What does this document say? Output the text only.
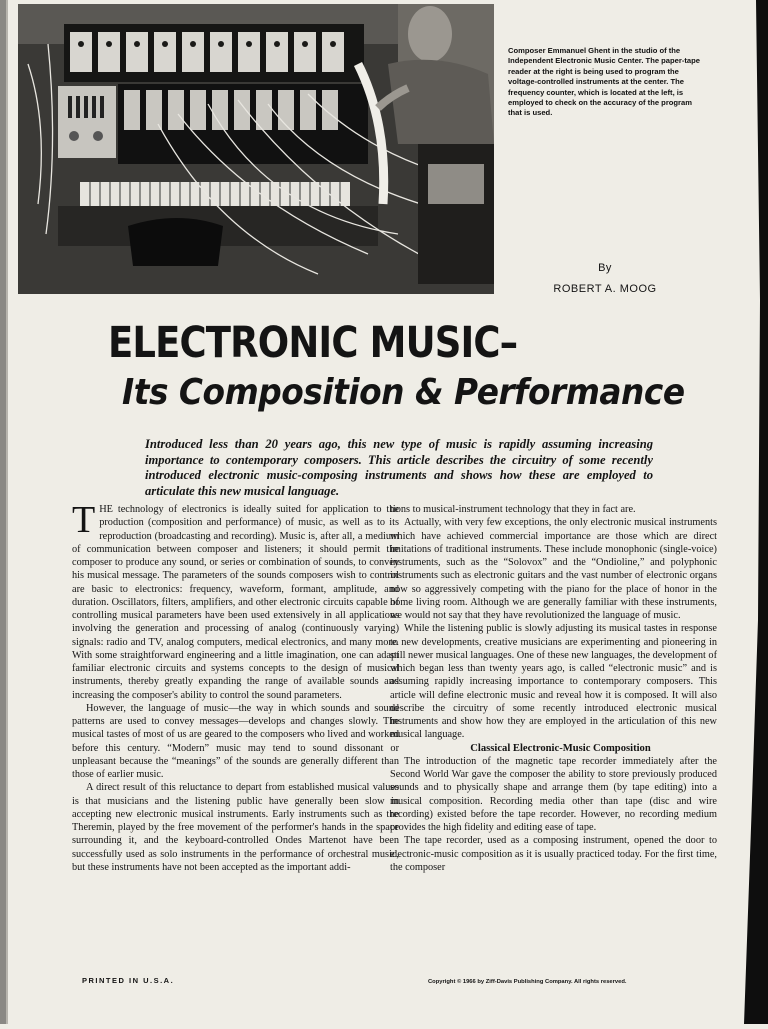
Composer Emmanuel Ghent in the studio of the Independent Electronic Music Center. The paper-tape reader at the right is being used to program the voltage-controlled instruments at the center. The frequency counter, which is located at the left, is employed to check on the accuracy of the program that is used.
By
ROBERT A. MOOG
ELECTRONIC MUSIC–
Its Composition & Performance
Introduced less than 20 years ago, this new type of music is rapidly assuming increasing importance to contemporary composers. This article describes the circuitry of some recently introduced electronic music-composing instruments and shows how these are employed to articulate this new musical language.

THE technology of electronics is ideally suited for application to the production (composition and performance) of music, as well as to its reproduction (broadcasting and recording). Music is, after all, a medium of communication between composer and listeners; it should permit the composer to produce any sound, or series or combination of sounds, to convey his musical message. The parameters of the sounds composers wish to control are basic to electronics: frequency, waveform, formant, amplitude, and duration. Oscillators, filters, amplifiers, and other electronic circuits capable of controlling musical parameters have been used extensively in all applications involving the generation and processing of analog (continuously varying) signals: radio and TV, analog computers, medical electronics, and many more. With some straightforward engineering and a little imagination, one can adapt familiar electronic circuits and systems concepts to the design of musical instruments, thereby greatly expanding the range of available sounds and increasing the composer's ability to control the sound parameters.

However, the language of music—the way in which sounds and sound patterns are used to convey messages—develops and changes slowly. The musical tastes of most of us are geared to the composers who lived and worked before this century. “Modern” music may tend to sound dissonant or unpleasant because the “meanings” of the sounds are generally different than those of earlier music.

A direct result of this reluctance to depart from established musical values is that musicians and the listening public have generally been slow in accepting new electronic musical instruments. Early instruments such as the Theremin, played by the free movement of the performer's hands in the space surrounding it, and the keyboard-controlled Ondes Martenot have been successfully used as solo instruments in the performance of orchestral music, but these instruments have not been accepted as the important addi-

tions to musical-instrument technology that they in fact are.

Actually, with very few exceptions, the only electronic musical instruments which have achieved commercial importance are those which are direct imitations of traditional instruments. These include monophonic (single-voice) instruments, such as the “Solovox” and the “Ondioline,” and polyphonic instruments such as electronic guitars and the vast number of electronic organs now so aggressively competing with the piano for the place of honor in the home living room. Although we are generally familiar with these instruments, we would not say that they have revolutionized the language of music.

While the listening public is slowly adjusting its musical tastes in response to new developments, creative musicians are experimenting and pioneering in still newer musical languages. One of these new languages, the development of which began less than twenty years ago, is called “electronic music” and is assuming rapidly increasing importance to contemporary composers. This article will define electronic music and reveal how it is composed. It will also describe the circuitry of some recently introduced electronic musical instruments and show how they are employed in the articulation of this new musical language.

Classical Electronic-Music Composition

The introduction of the magnetic tape recorder immediately after the Second World War gave the composer the ability to store previously produced sounds and to physically shape and arrange them (by tape editing) into a musical composition. Recording media other than tape (disc and wire recording) existed before the tape recorder. However, no recording medium provides the high fidelity and editing ease of tape.

The tape recorder, used as a composing instrument, opened the door to electronic-music composition as it is usually practiced today. For the first time, the composer

PRINTED IN U.S.A.	Copyright © 1966 by Ziff-Davis Publishing Company. All rights reserved.
